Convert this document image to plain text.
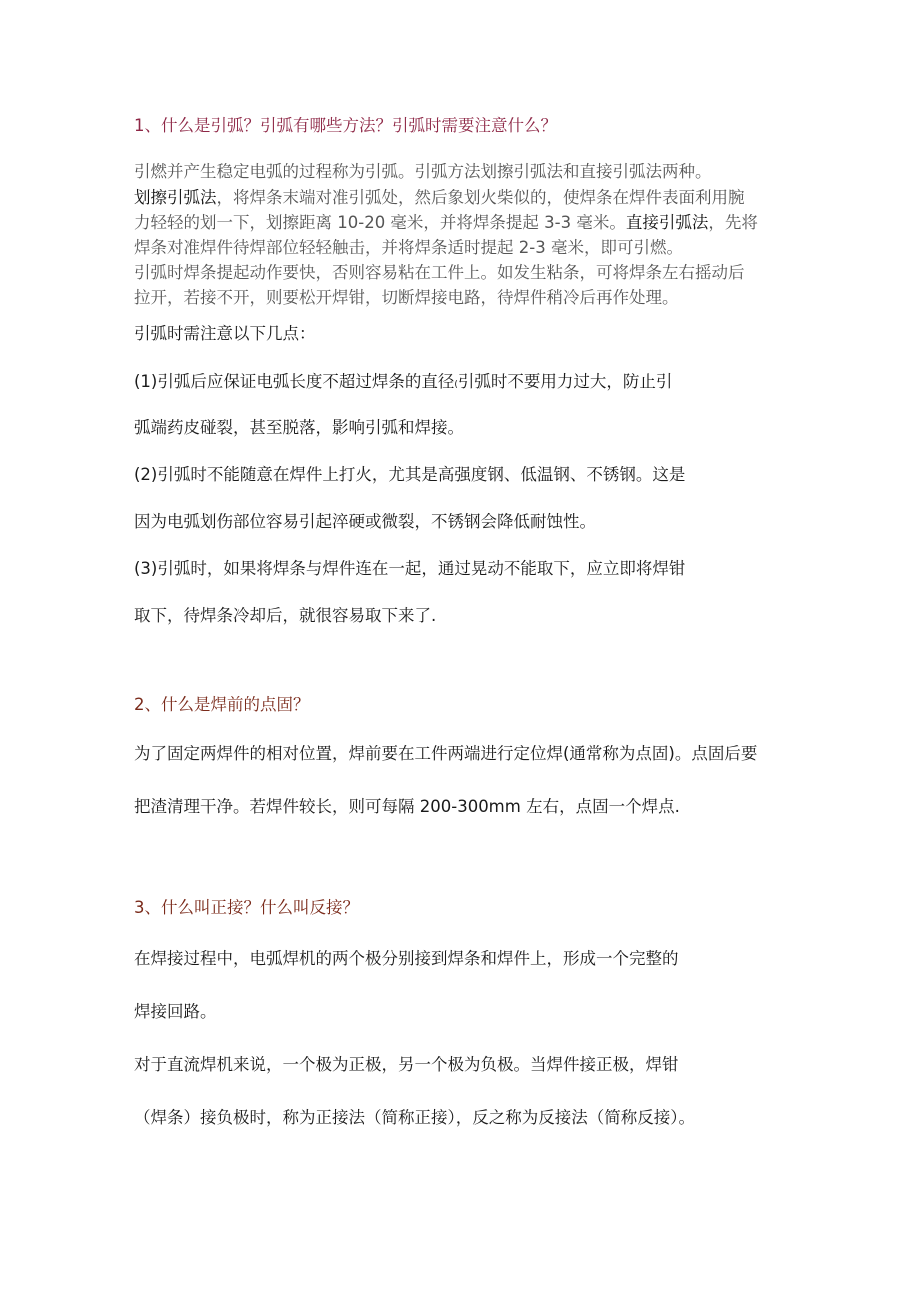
1、什么是引弧？引弧有哪些方法？引弧时需要注意什么？
引燃并产生稳定电弧的过程称为引弧。引弧方法划擦引弧法和直接引弧法两种。
划擦引弧法，将焊条末端对准引弧处，然后象划火柴似的，使焊条在焊件表面利用腕
力轻轻的划一下，划擦距离 10-20 毫米，并将焊条提起 3-3 毫米。直接引弧法，先将
焊条对准焊件待焊部位轻轻触击，并将焊条适时提起 2-3 毫米，即可引燃。
引弧时焊条提起动作要快，否则容易粘在工件上。如发生粘条，可将焊条左右摇动后
拉开，若接不开，则要松开焊钳，切断焊接电路，待焊件稍冷后再作处理。
引弧时需注意以下几点：
(1)引弧后应保证电弧长度不超过焊条的直径(引弧时不要用力过大，防止引
弧端药皮碰裂，甚至脱落，影响引弧和焊接。
(2)引弧时不能随意在焊件上打火，尤其是高强度钢、低温钢、不锈钢。这是
因为电弧划伤部位容易引起淬硬或微裂，不锈钢会降低耐蚀性。
(3)引弧时，如果将焊条与焊件连在一起，通过晃动不能取下，应立即将焊钳
取下，待焊条冷却后，就很容易取下来了.
2、什么是焊前的点固？
为了固定两焊件的相对位置，焊前要在工件两端进行定位焊(通常称为点固)。点固后要
把渣清理干净。若焊件较长，则可每隔 200-300mm 左右，点固一个焊点.
3、什么叫正接？什么叫反接？
在焊接过程中，电弧焊机的两个极分别接到焊条和焊件上，形成一个完整的
焊接回路。
对于直流焊机来说，一个极为正极，另一个极为负极。当焊件接正极，焊钳
（焊条）接负极时，称为正接法（简称正接），反之称为反接法（简称反接）。
